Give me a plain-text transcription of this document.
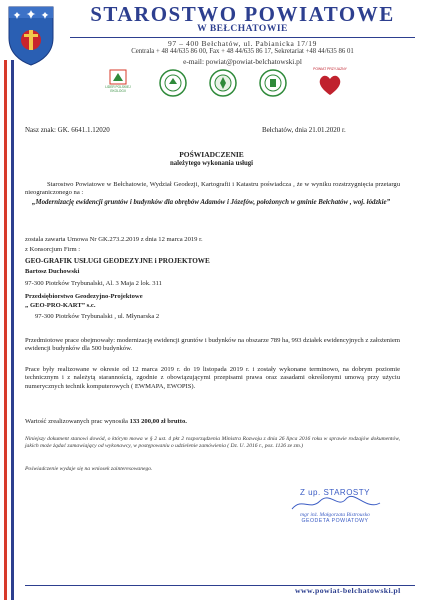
STAROSTWO POWIATOWE
W BEŁCHATOWIE
97 – 400 Bełchatów, ul. Pabianicka 17/19
Centrala + 48 44/635 86 00, Fax + 48 44/635 86 17, Sekretariat +48 44/635 86 01
e-mail: powiat@powiat-belchatowski.pl
LIDER POLSKIEJ EKOLOGII
POWIAT PRZYJAZNY
Nasz znak: GK. 6641.1.12020	Bełchatów, dnia 21.01.2020 r.
POŚWIADCZENIE
należytego wykonania usługi
Starostwo Powiatowe w Bełchatowie, Wydział Geodezji, Kartografii i Katastru poświadcza , że w wyniku rozstrzygnięcia przetargu nieograniczonego na :
„Modernizację ewidencji gruntów i budynków dla obrębów Adamów i Józefów, położonych w gminie Bełchatów , woj. łódzkie”
zostala zawarta Umowa Nr GK.273.2.2019 z dnia 12 marca 2019 r.
z Konsorcjum Firm :
GEO-GRAFIK USŁUGI GEODEZYJNE i PROJEKTOWE
Bartosz Duchowski
97-300 Piotrków Trybunalski, Al. 3 Maja 2 lok. 311
Przedsiębiorstwo Geodezyjno-Projektowe
„ GEO-PRO-KART” s.c.
97-300 Piotrków Trybunalski , ul. Młynarska 2
Przedmiotowe prace obejmowały: modernizację ewidencji gruntów i budynków na obszarze 789 ha, 993 działek ewidencyjnych z założeniem ewidencji budynków dla 500 budynków.
Prace były realizowane w okresie od 12 marca 2019 r. do 19 listopada 2019 r. i zostały wykonane terminowo, na dobrym poziomie technicznym i z należytą starannością, zgodnie z obowiązującymi przepisami prawa oraz zasadami określonymi umową przy użyciu numerycznych technik komputerowych ( EWMAPA, EWOPIS).
Wartość zrealizowanych prac wynosiła 133 200,00 zł brutto.
Niniejszy dokument stanowi dowód, o którym mowa w § 2 ust. 4 pkt 2 rozporządzenia Ministra Rozwoju z dnia 26 lipca 2016 roku w sprawie rodzajów dokumentów, jakich może żądać zamawiający od wykonawcy, w postępowaniu o udzielenie zamówienia ( Dz. U. 2016 r., poz. 1126 ze zm.)
Poświadczenie wydaje się na wniosek zainteresowanego.
Z up. STAROSTY
mgr inż. Małgorzata Bistrousko
GEODETA POWIATOWY
www.powiat-belchatowski.pl
